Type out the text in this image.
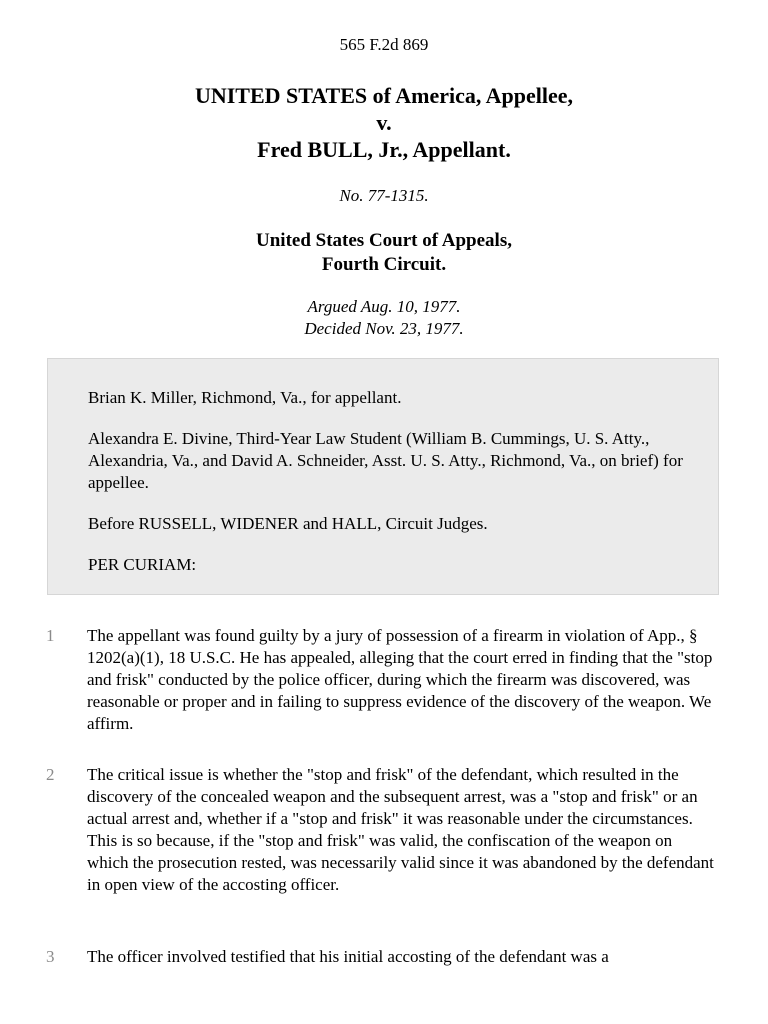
565 F.2d 869
UNITED STATES of America, Appellee,
v.
Fred BULL, Jr., Appellant.
No. 77-1315.
United States Court of Appeals,
Fourth Circuit.
Argued Aug. 10, 1977.
Decided Nov. 23, 1977.

Brian K. Miller, Richmond, Va., for appellant.

Alexandra E. Divine, Third-Year Law Student (William B. Cummings, U. S. Atty., Alexandria, Va., and David A. Schneider, Asst. U. S. Atty., Richmond, Va., on brief) for appellee.

Before RUSSELL, WIDENER and HALL, Circuit Judges.

PER CURIAM:

1 The appellant was found guilty by a jury of possession of a firearm in violation of App., § 1202(a)(1), 18 U.S.C. He has appealed, alleging that the court erred in finding that the "stop and frisk" conducted by the police officer, during which the firearm was discovered, was reasonable or proper and in failing to suppress evidence of the discovery of the weapon. We affirm.

2 The critical issue is whether the "stop and frisk" of the defendant, which resulted in the discovery of the concealed weapon and the subsequent arrest, was a "stop and frisk" or an actual arrest and, whether if a "stop and frisk" it was reasonable under the circumstances. This is so because, if the "stop and frisk" was valid, the confiscation of the weapon on which the prosecution rested, was necessarily valid since it was abandoned by the defendant in open view of the accosting officer.

3 The officer involved testified that his initial accosting of the defendant was a
